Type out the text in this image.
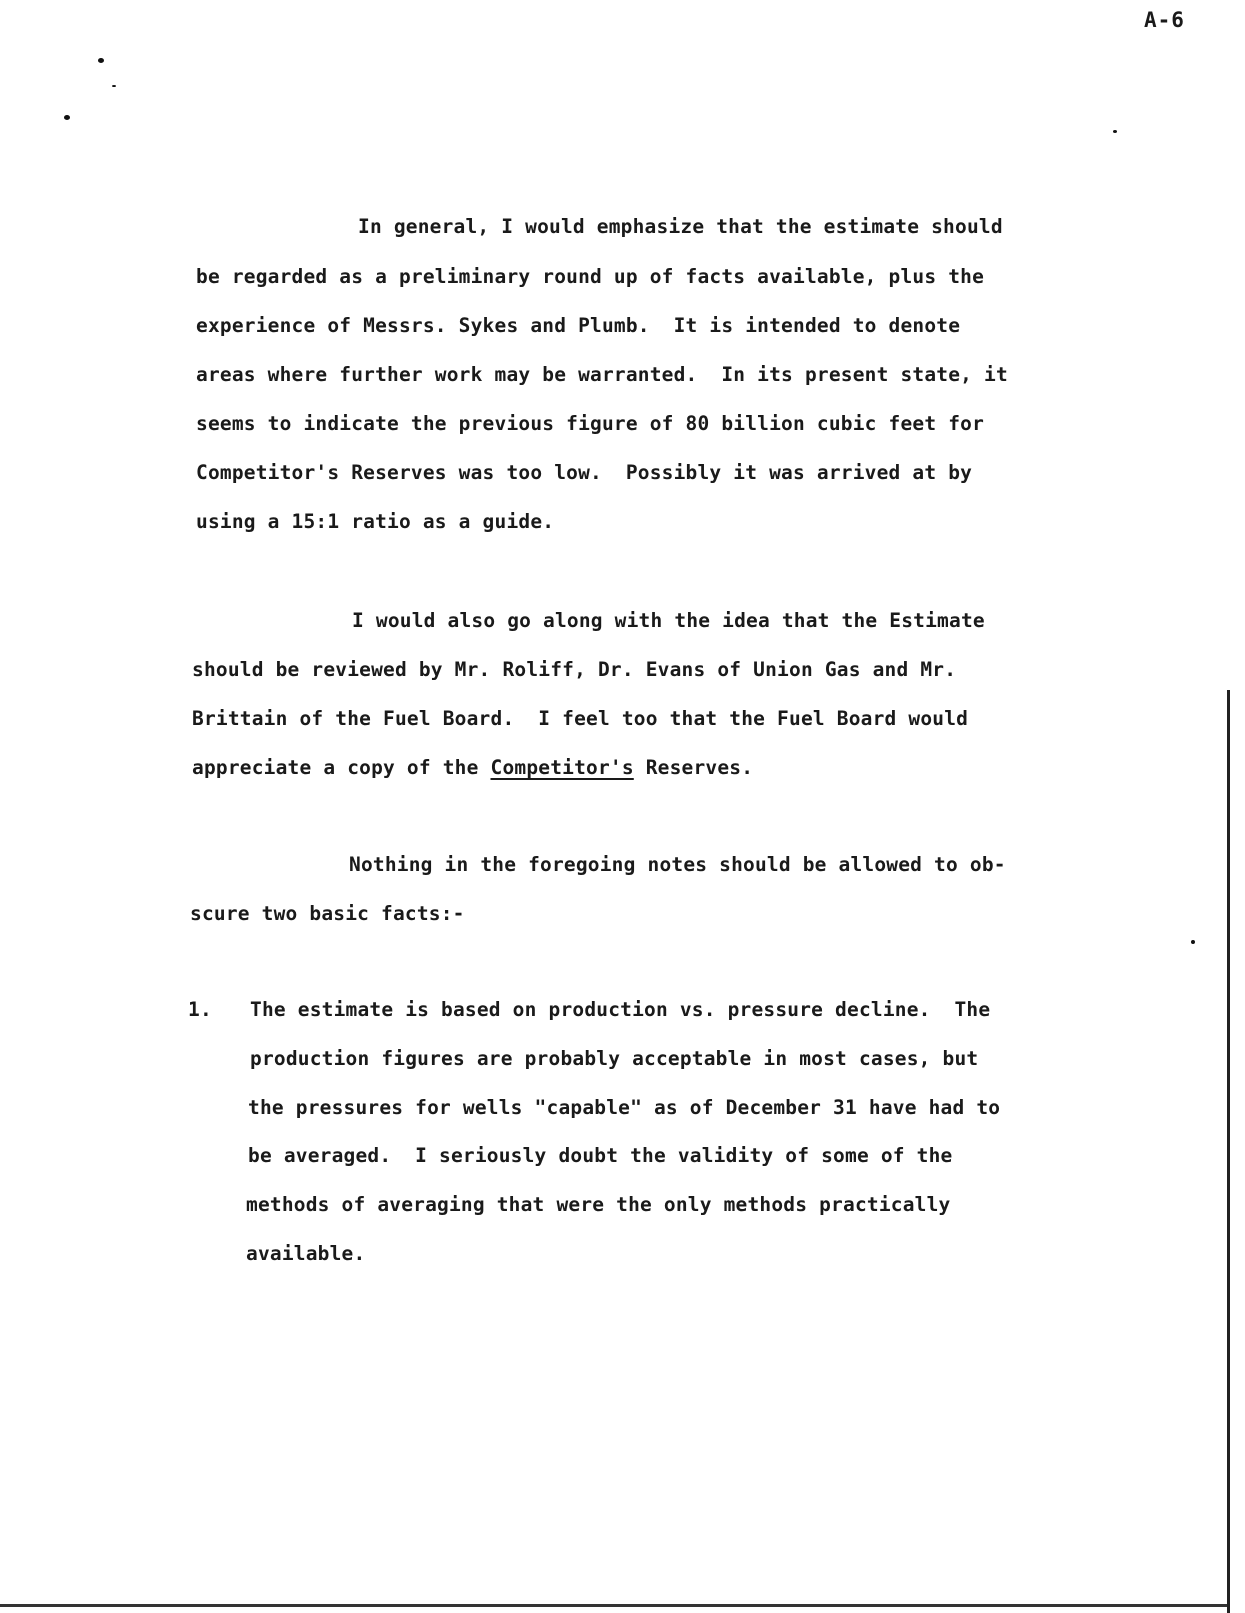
A-6
In general, I would emphasize that the estimate should
be regarded as a preliminary round up of facts available, plus the
experience of Messrs. Sykes and Plumb.  It is intended to denote
areas where further work may be warranted.  In its present state, it
seems to indicate the previous figure of 80 billion cubic feet for
Competitor's Reserves was too low.  Possibly it was arrived at by
using a 15:1 ratio as a guide.
I would also go along with the idea that the Estimate
should be reviewed by Mr. Roliff, Dr. Evans of Union Gas and Mr.
Brittain of the Fuel Board.  I feel too that the Fuel Board would
appreciate a copy of the Competitor's Reserves.
Nothing in the foregoing notes should be allowed to ob-
scure two basic facts:-
1. The estimate is based on production vs. pressure decline.  The
production figures are probably acceptable in most cases, but
the pressures for wells "capable" as of December 31 have had to
be averaged.  I seriously doubt the validity of some of the
methods of averaging that were the only methods practically
available.
